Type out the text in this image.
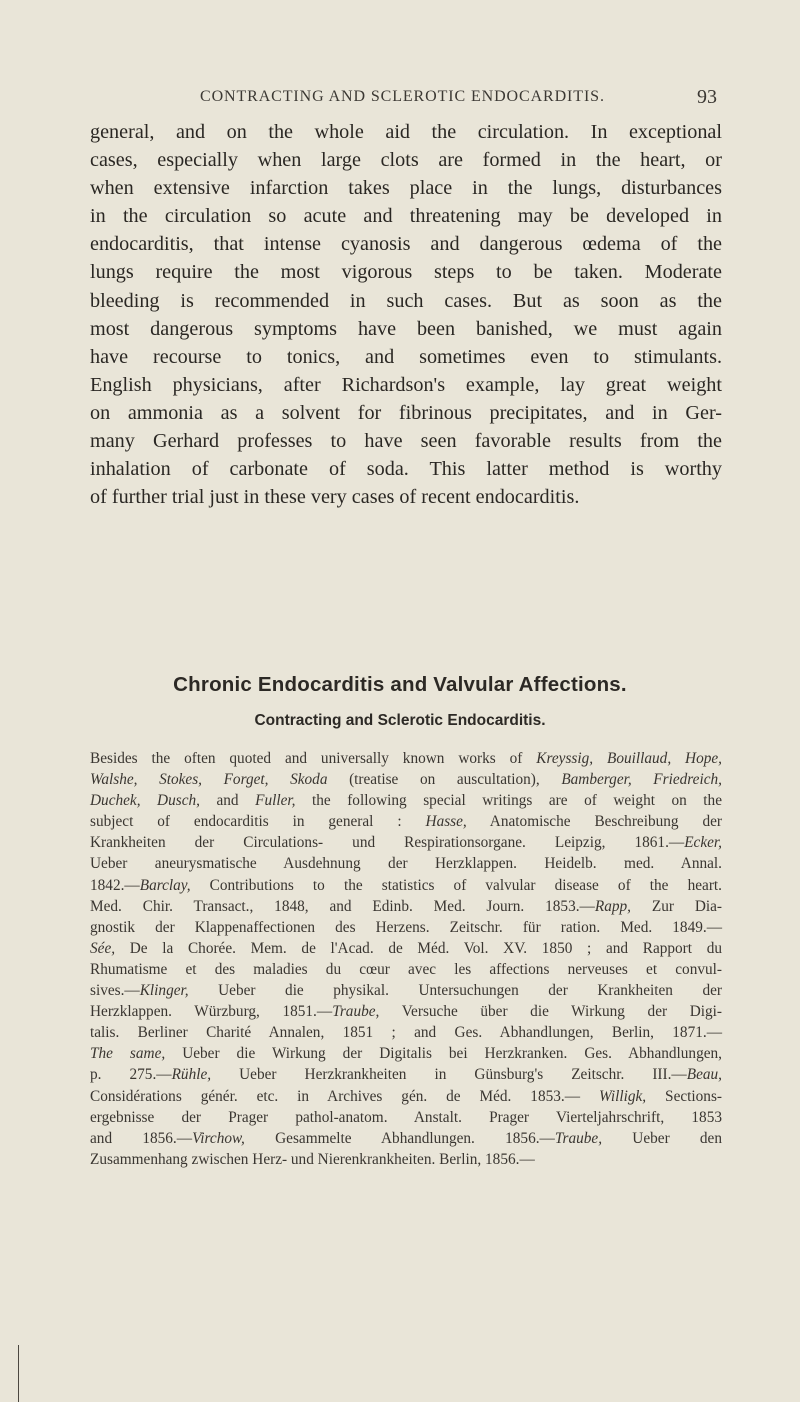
CONTRACTING AND SCLEROTIC ENDOCARDITIS.	93
general, and on the whole aid the circulation. In exceptional
cases, especially when large clots are formed in the heart, or
when extensive infarction takes place in the lungs, disturbances
in the circulation so acute and threatening may be developed in
endocarditis, that intense cyanosis and dangerous œdema of the
lungs require the most vigorous steps to be taken. Moderate
bleeding is recommended in such cases. But as soon as the
most dangerous symptoms have been banished, we must again
have recourse to tonics, and sometimes even to stimulants.
English physicians, after Richardson's example, lay great weight
on ammonia as a solvent for fibrinous precipitates, and in Ger-
many Gerhard professes to have seen favorable results from the
inhalation of carbonate of soda. This latter method is worthy
of further trial just in these very cases of recent endocarditis.
Chronic Endocarditis and Valvular Affections.
Contracting and Sclerotic Endocarditis.
Besides the often quoted and universally known works of Kreyssig, Bouillaud, Hope,
Walshe, Stokes, Forget, Skoda (treatise on auscultation), Bamberger, Friedreich,
Duchek, Dusch, and Fuller, the following special writings are of weight on the
subject of endocarditis in general : Hasse, Anatomische Beschreibung der
Krankheiten der Circulations- und Respirationsorgane. Leipzig, 1861.—Ecker,
Ueber aneurysmatische Ausdehnung der Herzklappen. Heidelb. med. Annal.
1842.—Barclay, Contributions to the statistics of valvular disease of the heart.
Med. Chir. Transact., 1848, and Edinb. Med. Journ. 1853.—Rapp, Zur Dia-
gnostik der Klappenaffectionen des Herzens. Zeitschr. für ration. Med. 1849.—
Sée, De la Chorée. Mem. de l'Acad. de Méd. Vol. XV. 1850 ; and Rapport du
Rhumatisme et des maladies du cœur avec les affections nerveuses et convul-
sives.—Klinger, Ueber die physikal. Untersuchungen der Krankheiten der
Herzklappen. Würzburg, 1851.—Traube, Versuche über die Wirkung der Digi-
talis. Berliner Charité Annalen, 1851 ; and Ges. Abhandlungen, Berlin, 1871.—
The same, Ueber die Wirkung der Digitalis bei Herzkranken. Ges. Abhandlungen,
p. 275.—Rühle, Ueber Herzkrankheiten in Günsburg's Zeitschr. III.—Beau,
Considérations génér. etc. in Archives gén. de Méd. 1853.— Willigk, Sections-
ergebnisse der Prager pathol-anatom. Anstalt. Prager Vierteljahrschrift, 1853
and 1856.—Virchow, Gesammelte Abhandlungen. 1856.—Traube, Ueber den
Zusammenhang zwischen Herz- und Nierenkrankheiten. Berlin, 1856.—
